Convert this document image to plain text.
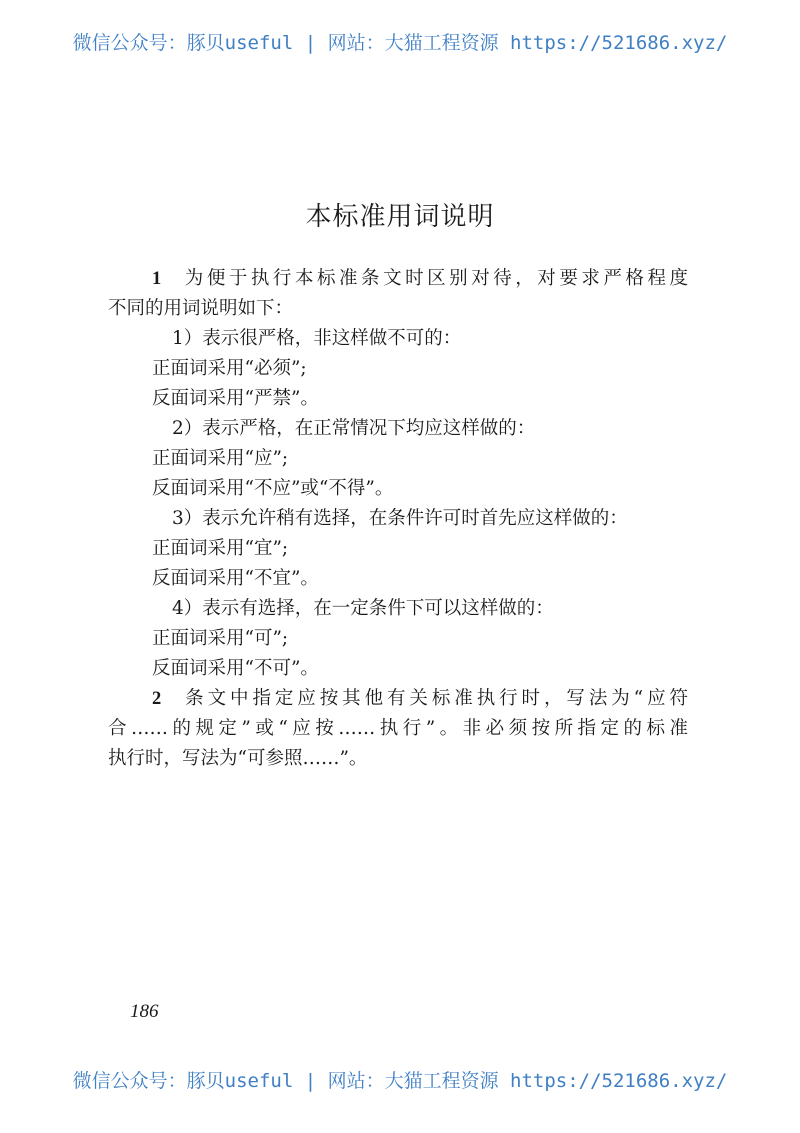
微信公众号：豚贝useful | 网站：大猫工程资源 https://521686.xyz/
本标准用词说明
1 为便于执行本标准条文时区别对待，对要求严格程度
不同的用词说明如下：
1）表示很严格，非这样做不可的：
正面词采用“必须”;
反面词采用“严禁”。
2）表示严格，在正常情况下均应这样做的：
正面词采用“应”;
反面词采用“不应”或“不得”。
3）表示允许稍有选择，在条件许可时首先应这样做的：
正面词采用“宜”;
反面词采用“不宜”。
4）表示有选择，在一定条件下可以这样做的：
正面词采用“可”;
反面词采用“不可”。
2 条文中指定应按其他有关标准执行时，写法为“应符
合……的规定”或“应按……执行”。非必须按所指定的标准
执行时，写法为“可参照……”。
186
微信公众号：豚贝useful | 网站：大猫工程资源 https://521686.xyz/
